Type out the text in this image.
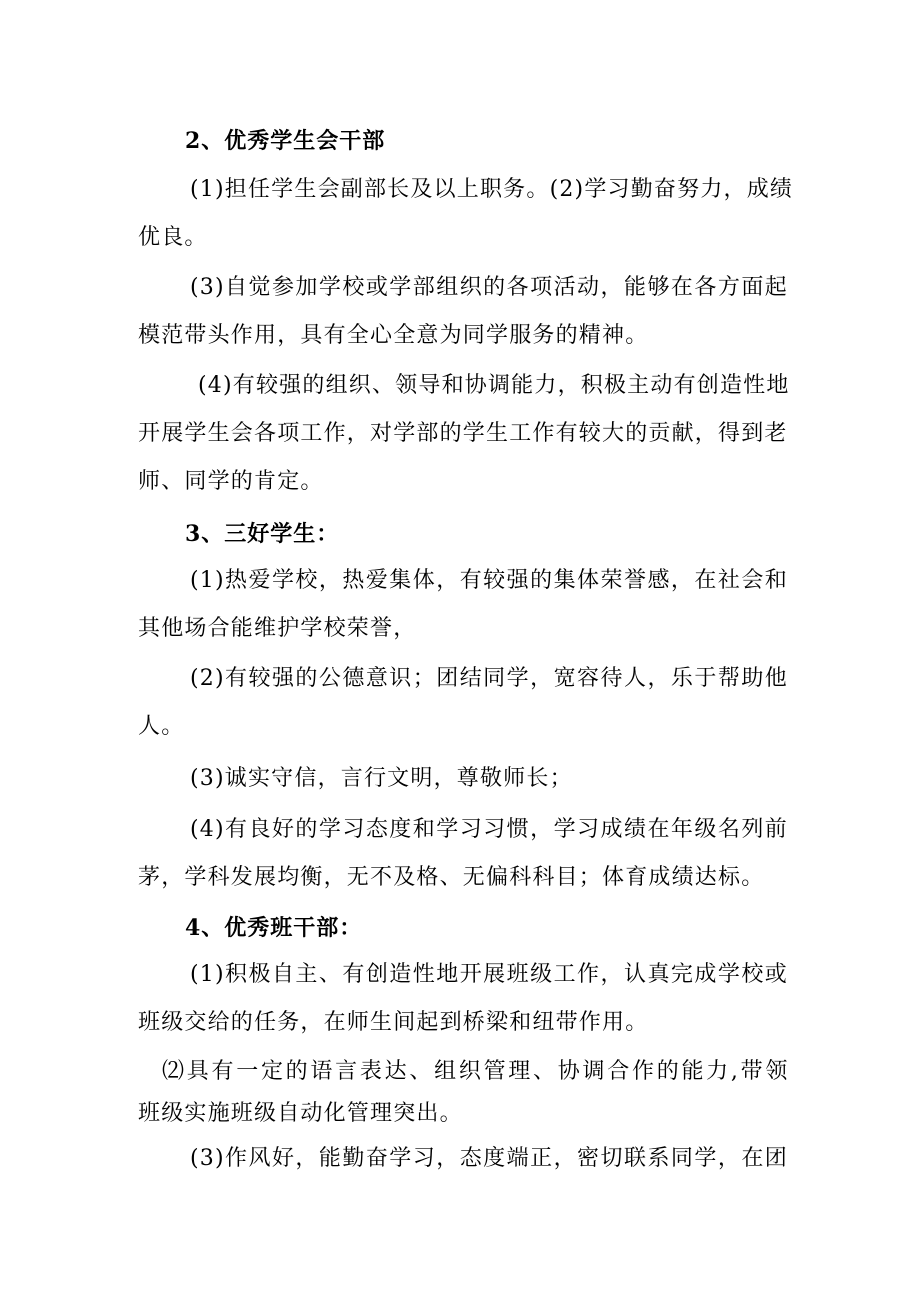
2、优秀学生会干部
(1)担任学生会副部长及以上职务。(2)学习勤奋努力，成绩
优良。
(3)自觉参加学校或学部组织的各项活动，能够在各方面起
模范带头作用，具有全心全意为同学服务的精神。
(4)有较强的组织、领导和协调能力，积极主动有创造性地
开展学生会各项工作，对学部的学生工作有较大的贡献，得到老
师、同学的肯定。
3、三好学生：
(1)热爱学校，热爱集体，有较强的集体荣誉感，在社会和
其他场合能维护学校荣誉，
(2)有较强的公德意识；团结同学，宽容待人，乐于帮助他
人。
(3)诚实守信，言行文明，尊敬师长；
(4)有良好的学习态度和学习习惯，学习成绩在年级名列前
茅，学科发展均衡，无不及格、无偏科科目；体育成绩达标。
4、优秀班干部：
(1)积极自主、有创造性地开展班级工作，认真完成学校或
班级交给的任务，在师生间起到桥梁和纽带作用。
⑵具有一定的语言表达、组织管理、协调合作的能力,带领
班级实施班级自动化管理突出。
(3)作风好，能勤奋学习，态度端正，密切联系同学，在团
